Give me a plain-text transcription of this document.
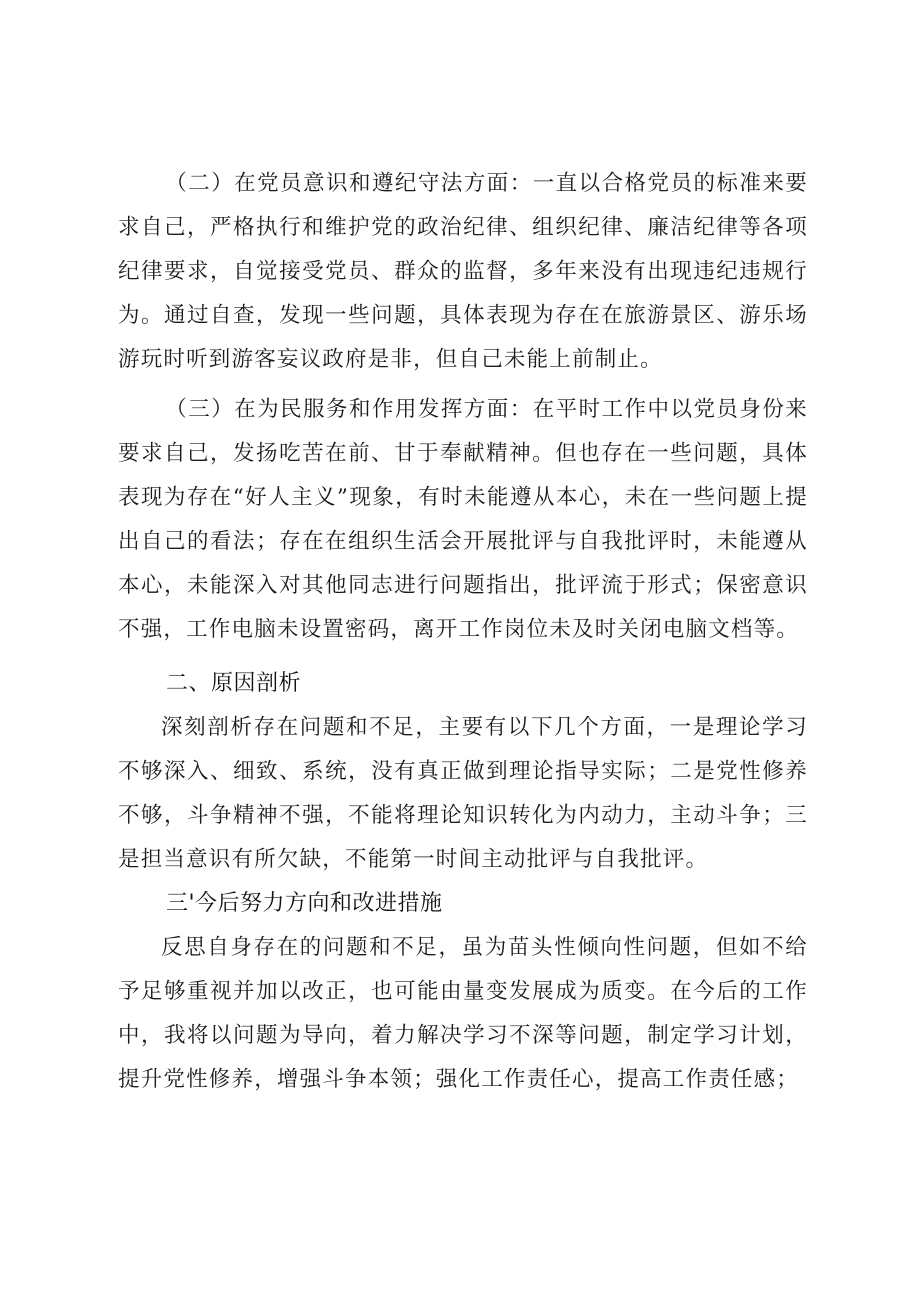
（二）在党员意识和遵纪守法方面：一直以合格党员的标准来要求自己，严格执行和维护党的政治纪律、组织纪律、廉洁纪律等各项纪律要求，自觉接受党员、群众的监督，多年来没有出现违纪违规行为。通过自查，发现一些问题，具体表现为存在在旅游景区、游乐场游玩时听到游客妄议政府是非，但自己未能上前制止。

（三）在为民服务和作用发挥方面：在平时工作中以党员身份来要求自己，发扬吃苦在前、甘于奉献精神。但也存在一些问题，具体表现为存在“好人主义”现象，有时未能遵从本心，未在一些问题上提出自己的看法；存在在组织生活会开展批评与自我批评时，未能遵从本心，未能深入对其他同志进行问题指出，批评流于形式；保密意识不强，工作电脑未设置密码，离开工作岗位未及时关闭电脑文档等。

二、原因剖析

深刻剖析存在问题和不足，主要有以下几个方面，一是理论学习不够深入、细致、系统，没有真正做到理论指导实际；二是党性修养不够，斗争精神不强，不能将理论知识转化为内动力，主动斗争；三是担当意识有所欠缺，不能第一时间主动批评与自我批评。

三'今后努力方向和改进措施

反思自身存在的问题和不足，虽为苗头性倾向性问题，但如不给予足够重视并加以改正，也可能由量变发展成为质变。在今后的工作中，我将以问题为导向，着力解决学习不深等问题，制定学习计划，提升党性修养，增强斗争本领；强化工作责任心，提高工作责任感；
